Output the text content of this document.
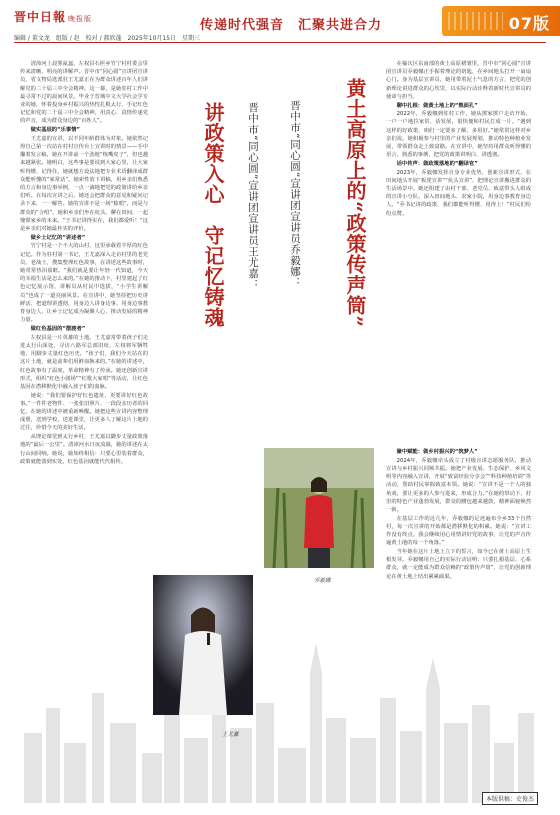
晋中日報 晚报版	传递时代强音 汇聚共进合力	07版
编辑 / 董文龙　组版 / 赵　校对 / 郝欣蓬　2025年10月15日　星期三

清漳河上晨雾氤氲，左权县石匣乡竹宁村村委会里传来清晰、明亮的讲解声。晋中市“同心圆”宣讲团宣讲员、省文物局选派驻王尤嘉正在为群众讲述百年人们讲解党的二十届三中全会精神。这一幕，是她驻村工作中最寻常不过的晨间风景。毕业于晋城中文大学社会学专业的她，怀着投身乡村振兴的热忱扎根太行，手记红色记忆和党的二十届三中全会精神，用真心、真情传递党的声音，成为群众身边的“百姓人”。

做实基层的“乐事情”

王尤嘉的宣讲，以不同年龄群体为对象。她依然记得自己第一次站在村村宣传台上宣讲时的情景——手中攥着发言稿，她在开讲前一个劲地“练嘴皮子”，但也越来越紧张。她明白，这些事是要说到大家心里，让大家听得懂、记得住，她就想方设法地把专业术语翻译成群众能听懂的“家常话”。她索性放下讲稿，用乡亲们熟悉的方言和身边事举例，一点一滴地把党的政策讲给乡亲们听。在每次宣讲之后，她还会把群众的意见和疑问记录下来，一一解答。她的宣讲不是一场“独唱”，而是与群众的“合唱”，她和乡亲们坐在炕头、聊在田间，一起憧憬家乡的未来。“王书记讲得实在，我们都爱听！”这是乡亲们对她最朴实的评价。

做乡土记忆的“讲述者”

竹宁村是一个不大的山村，这里承载着丰厚的红色记忆。作为驻村第一书记，王尤嘉深入走访村里的老党员、老战士，搜集整理红色故事，在讲述这些故事时，她常常热泪盈眶。“我们就是要让年轻一代知道，今天的幸福生活是怎么来的。”在她的推动下，村里建起了红色记忆展示馆，讲解员从村民中选拔，“小学生讲解员”也成了一道亮丽风景。在宣讲中，她坚持把历史讲鲜活、把道理讲透彻，用身边人讲身边事、用身边事教育身边人，让乡土记忆成为凝聚人心、推动发展的精神力量。

做红色基因的“摆渡者”

左权县是一片英雄的土地。王尤嘉常带着孩子们走进太行山深处，寻访八路军总部旧址、左权将军牺牲地，用脚步丈量红色历史。“孩子们，我们今天站在的这片土地，就是前辈们用鲜血换来的。”在她的讲述中，红色故事有了温度，革命精神有了传承。她还创新宣讲形式，组织“红色小剧场”“红歌大家唱”等活动，让红色基因在潜移默化中融入孩子们的血脉。

她说：“我们要保护好红色遗址，更要讲好红色故事。”一件件老物件、一张张旧照片、一段段亲历者的回忆，在她的讲述中被重新唤醒。她把这些宣讲内容整理成册，送到学校、送进课堂，让更多人了解这片土地的过往，珍惜今天的美好生活。

从理论课堂到太行乡村，王尤嘉以脚步丈量政策落地的“最后一公里”。清漳河水日夜流淌，她的讲述在太行山间回响。她说，她始终相信：只要心里装着群众，政策就能落到实处，红色基因就能代代相传。

讲政策入心　守记忆铸魂 晋中市“同心圆”宣讲团宣讲员王尤嘉：	晋中市“同心圆”宣讲团宣讲员乔毅娜： 黄土高原上的“政策传声筒”

在榆次区东南部的黄土高原褶皱里，晋中市“同心圆”宣讲团宣讲员乔毅娜正手握着理论的钥匙，在乡间地头打开一扇扇心门。身为基层宣讲员，她用带着泥土气息的方言，把党的创新理论讲进群众的心坎里，以实际行动诠释着新时代宣讲员的使命与担当。

聊中扎根：做黄土地上的“熟面孔”

2022年，乔毅娜到驻村工作，她从挨家挨户走访开始，一户一户地拉家常、话发展，很快便和村民打成一片。“遇到这样的好政策，咱们一定要多了解、多用好。”她常常这样对乡亲们说。她积极参与村里的产业发展规划，推动特色种植业发展，带领群众走上致富路。在宣讲中，她坚持用群众听得懂的语言、熟悉的事例，把党的政策讲明白、讲透彻。

话中传声：做政策落地的“翻译官”

2023年，乔毅娜发挥自身专业优势，创新宣讲形式，在田间地头开展“板凳宣讲”“炕头宣讲”，把理论宣讲搬进群众的生活场景中。她还组建了由村干部、老党员、致富带头人组成的宣讲小分队，深入田间地头、农家小院，用身边事教育身边人。“乔书记讲的政策，我们都能听得懂、用得上！”村民们纷纷点赞。

聚中赋能：做乡村振兴的“筑梦人”

2024年，乔毅娜牵头成立了村级宣讲志愿服务队，推动宣讲与乡村振兴同频共振。她把产业发展、生态保护、乡风文明等内容融入宣讲，开展“致富经验分享会”“科技种植培训”等活动，帮助村民掌握致富本领。她说：“宣讲不是一个人的独角戏，要让更多的人参与进来，形成合力。”在她的带动下，村里的特色产业蓬勃发展，群众的腰包越来越鼓，精神面貌焕然一新。

在基层工作的这几年，乔毅娜的足迹遍布全乡33个自然村，每一次宣讲的开始都是潜移默化的积累。她说：“宣讲工作没有终点，我会继续用心用情讲好党的故事，让党的声音传遍黄土地的每一个角落。”

当年她在这片土地上立下的誓言，如今已在黄土高原上生根发芽。乔毅娜用自己的实际行动证明：只要扎根基层、心系群众，就一定能成为群众信赖的“政策传声筒”，让党的创新理论在黄土地上结出累累硕果。

王尤嘉
乔毅娜
本版供稿：史俊杰
